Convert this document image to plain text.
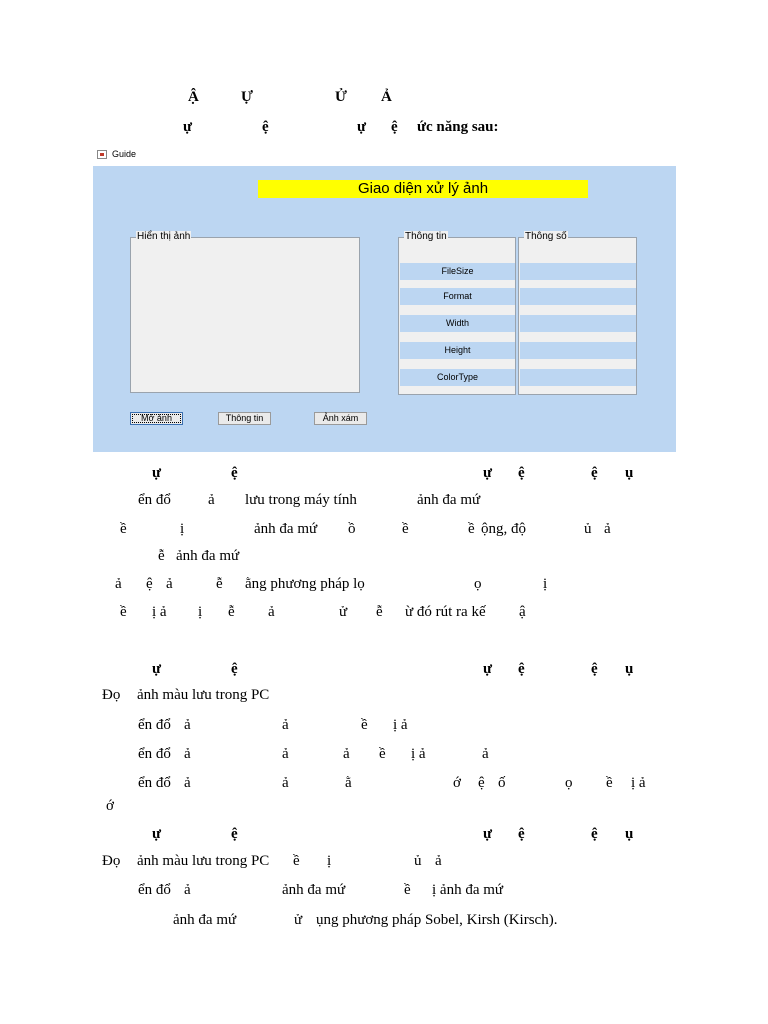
Ậ	Ự	Ử Ả
ự	ệ	ự ệ ức năng sau:
Guide
Giao diện xử lý ảnh
Hiển thị ảnh	Thông tin
FileSize
Format
Width
Height
ColorType
Thông số
Mở ảnh	Thông tin	Ảnh xám
ự	ệ	ự ệ	ệ ụ
ển đổ ả lưu trong máy tính	ảnh đa mứ
ề	ị	ảnh đa mứ ồ	ề	ề ộng, độ	ủ ả
ễ ảnh đa mứ
ả ệ ả	ễ ằng phương pháp lọ	ọ	ị
ề ị ả ị ễ ả	ử ễ ừ đó rút ra kế ậ
ự	ệ	ự ệ	ệ ụ
Đọ ảnh màu lưu trong PC
ển đổ ả	ả	ề ị ả
ển đổ ả	ả	ả ề ị ả	ả
ển đổ ả	ả	ằ	ớ ệ ố	ọ ề ị ả
ớ
ự	ệ	ự ệ	ệ ụ
Đọ ảnh màu lưu trong PC ề ị	ủ ả
ển đổ ả	ảnh đa mứ	ề ị ảnh đa mứ
ảnh đa mứ	ử ụng phương pháp Sobel, Kirsh (Kirsch).
